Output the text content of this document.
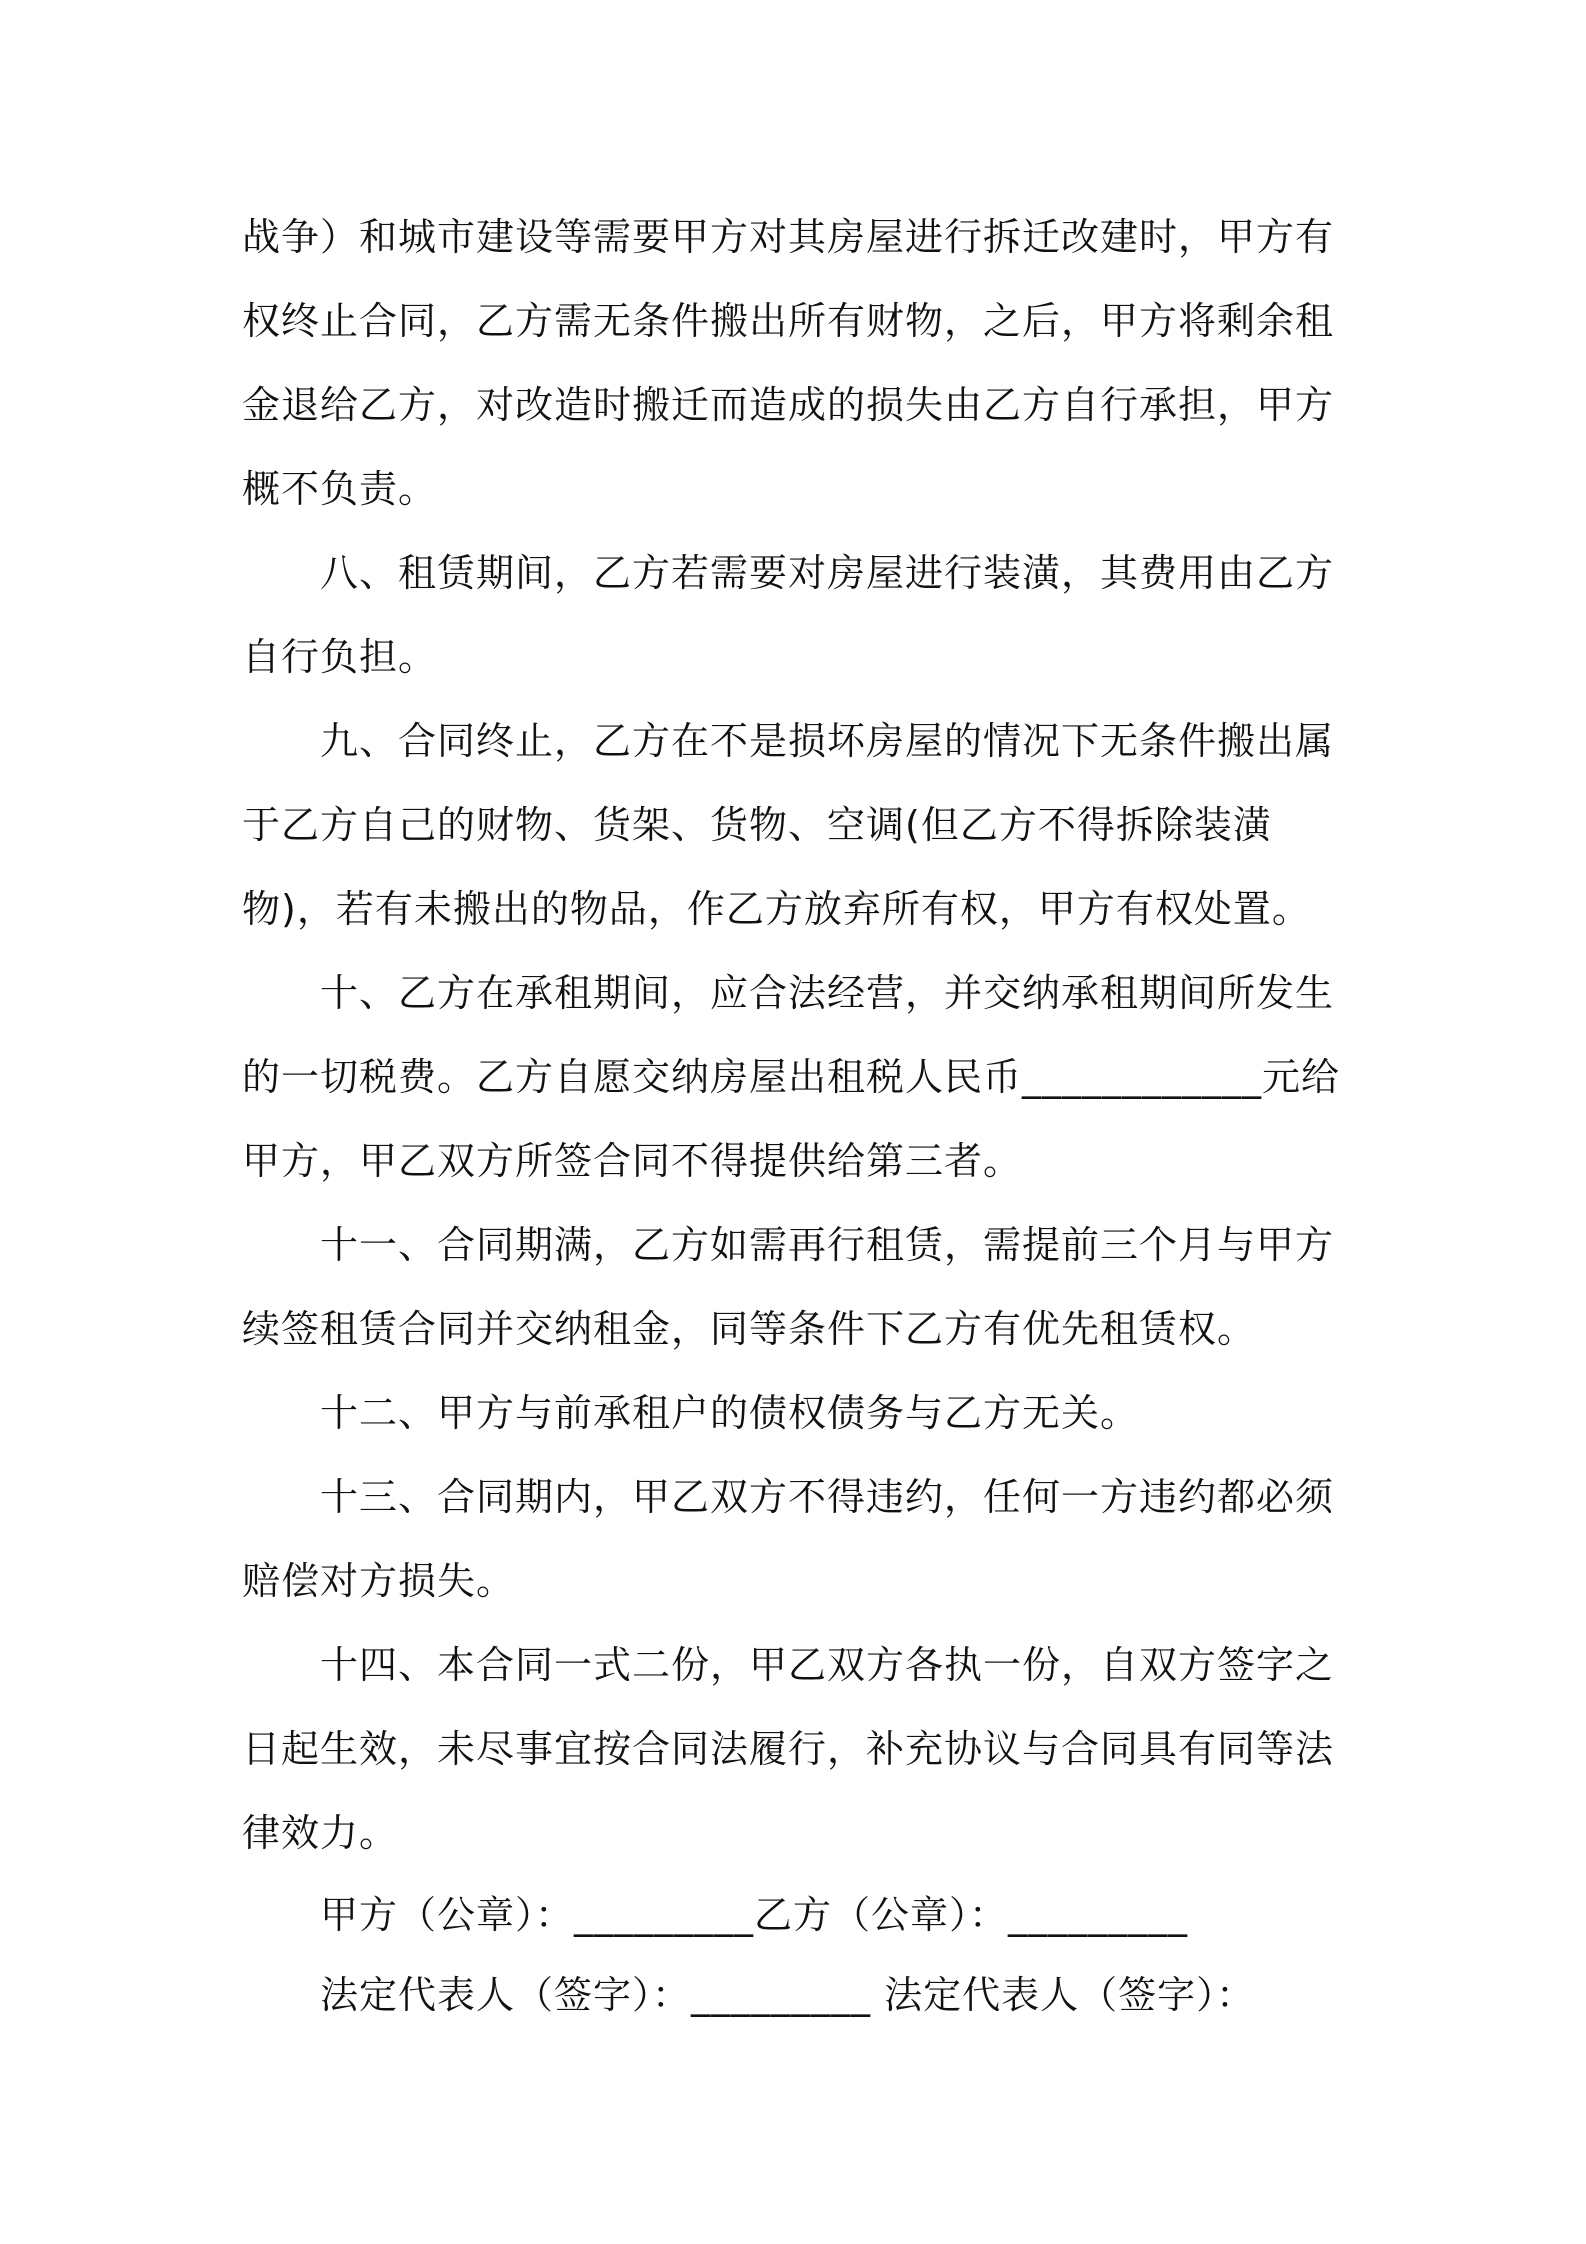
战争）和城市建设等需要甲方对其房屋进行拆迁改建时，甲方有权终止合同，乙方需无条件搬出所有财物，之后，甲方将剩余租金退给乙方，对改造时搬迁而造成的损失由乙方自行承担，甲方概不负责。

八、租赁期间，乙方若需要对房屋进行装潢，其费用由乙方自行负担。

九、合同终止，乙方在不是损坏房屋的情况下无条件搬出属于乙方自己的财物、货架、货物、空调(但乙方不得拆除装潢物)，若有未搬出的物品，作乙方放弃所有权，甲方有权处置。

十、乙方在承租期间，应合法经营，并交纳承租期间所发生的一切税费。乙方自愿交纳房屋出租税人民币____________元给甲方，甲乙双方所签合同不得提供给第三者。

十一、合同期满，乙方如需再行租赁，需提前三个月与甲方续签租赁合同并交纳租金，同等条件下乙方有优先租赁权。

十二、甲方与前承租户的债权债务与乙方无关。

十三、合同期内，甲乙双方不得违约，任何一方违约都必须赔偿对方损失。

十四、本合同一式二份，甲乙双方各执一份，自双方签字之日起生效，未尽事宜按合同法履行，补充协议与合同具有同等法律效力。

甲方（公章）：_________乙方（公章）：_________
法定代表人（签字）：_________ 法定代表人（签字）：
